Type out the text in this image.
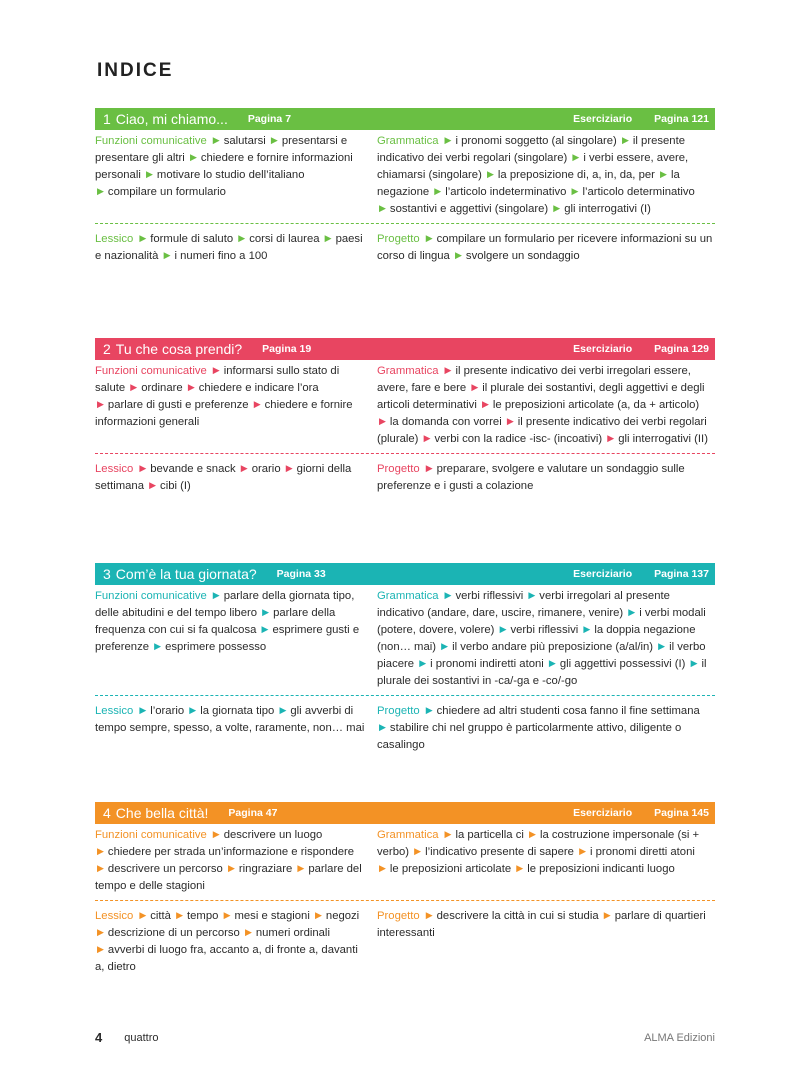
INDICE
1 Ciao, mi chiamo... Pagina 7	Eserciziario Pagina 121
Funzioni comunicative ▶ salutarsi ▶ presentarsi e presentare gli altri ▶ chiedere e fornire informazioni personali ▶ motivare lo studio dell’italiano ▶ compilare un formulario
Grammatica ▶ i pronomi soggetto (al singolare) ▶ il presente indicativo dei verbi regolari (singolare) ▶ i verbi essere, avere, chiamarsi (singolare) ▶ la preposizione di, a, in, da, per ▶ la negazione ▶ l’articolo indeterminativo ▶ l’articolo determinativo ▶ sostantivi e aggettivi (singolare) ▶ gli interrogativi (I)
Lessico ▶ formule di saluto ▶ corsi di laurea ▶ paesi e nazionalità ▶ i numeri fino a 100
Progetto ▶ compilare un formulario per ricevere informazioni su un corso di lingua ▶ svolgere un sondaggio
2 Tu che cosa prendi? Pagina 19	Eserciziario Pagina 129
Funzioni comunicative ▶ informarsi sullo stato di salute ▶ ordinare ▶ chiedere e indicare l’ora ▶ parlare di gusti e preferenze ▶ chiedere e fornire informazioni generali
Grammatica ▶ il presente indicativo dei verbi irregolari essere, avere, fare e bere ▶ il plurale dei sostantivi, degli aggettivi e degli articoli determinativi ▶ le preposizioni articolate (a, da + articolo) ▶ la domanda con vorrei ▶ il presente indicativo dei verbi regolari (plurale) ▶ verbi con la radice -isc- (incoativi) ▶ gli interrogativi (II)
Lessico ▶ bevande e snack ▶ orario ▶ giorni della settimana ▶ cibi (I)
Progetto ▶ preparare, svolgere e valutare un sondaggio sulle preferenze e i gusti a colazione
3 Com’è la tua giornata? Pagina 33	Eserciziario Pagina 137
Funzioni comunicative ▶ parlare della giornata tipo, delle abitudini e del tempo libero ▶ parlare della frequenza con cui si fa qualcosa ▶ esprimere gusti e preferenze ▶ esprimere possesso
Grammatica ▶ verbi riflessivi ▶ verbi irregolari al presente indicativo (andare, dare, uscire, rimanere, venire) ▶ i verbi modali (potere, dovere, volere) ▶ verbi riflessivi ▶ la doppia negazione (non… mai) ▶ il verbo andare più preposizione (a/al/in) ▶ il verbo piacere ▶ i pronomi indiretti atoni ▶ gli aggettivi possessivi (I) ▶ il plurale dei sostantivi in -ca/-ga e -co/-go
Lessico ▶ l’orario ▶ la giornata tipo ▶ gli avverbi di tempo sempre, spesso, a volte, raramente, non… mai
Progetto ▶ chiedere ad altri studenti cosa fanno il fine settimana ▶ stabilire chi nel gruppo è particolarmente attivo, diligente o casalingo
4 Che bella città! Pagina 47	Eserciziario Pagina 145
Funzioni comunicative ▶ descrivere un luogo ▶ chiedere per strada un’informazione e rispondere ▶ descrivere un percorso ▶ ringraziare ▶ parlare del tempo e delle stagioni
Grammatica ▶ la particella ci ▶ la costruzione impersonale (si + verbo) ▶ l’indicativo presente di sapere ▶ i pronomi diretti atoni ▶ le preposizioni articolate ▶ le preposizioni indicanti luogo
Lessico ▶ città ▶ tempo ▶ mesi e stagioni ▶ negozi ▶ descrizione di un percorso ▶ numeri ordinali ▶ avverbi di luogo fra, accanto a, di fronte a, davanti a, dietro
Progetto ▶ descrivere la città in cui si studia ▶ parlare di quartieri interessanti
4 quattro	ALMA Edizioni
